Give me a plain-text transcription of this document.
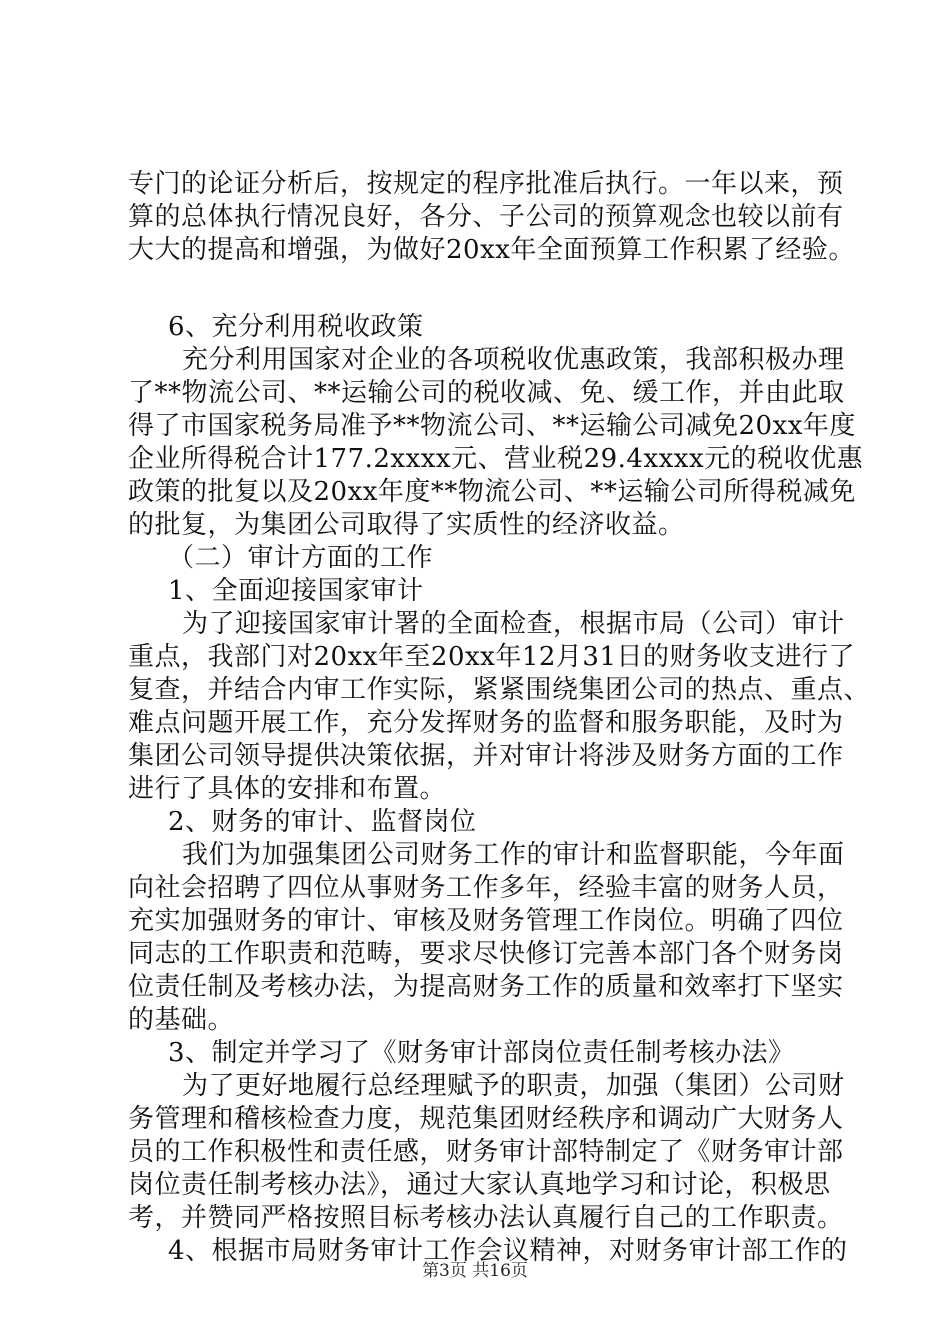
专门的论证分析后，按规定的程序批准后执行。一年以来，预
算的总体执行情况良好，各分、子公司的预算观念也较以前有
大大的提高和增强，为做好20xx年全面预算工作积累了经验。
6、充分利用税收政策
充分利用国家对企业的各项税收优惠政策，我部积极办理
了**物流公司、**运输公司的税收减、免、缓工作，并由此取
得了市国家税务局准予**物流公司、**运输公司减免20xx年度
企业所得税合计177.2xxxx元、营业税29.4xxxx元的税收优惠
政策的批复以及20xx年度**物流公司、**运输公司所得税减免
的批复，为集团公司取得了实质性的经济收益。
（二）审计方面的工作
1、全面迎接国家审计
为了迎接国家审计署的全面检查，根据市局（公司）审计
重点，我部门对20xx年至20xx年12月31日的财务收支进行了
复查，并结合内审工作实际，紧紧围绕集团公司的热点、重点、
难点问题开展工作，充分发挥财务的监督和服务职能，及时为
集团公司领导提供决策依据，并对审计将涉及财务方面的工作
进行了具体的安排和布置。
2、财务的审计、监督岗位
我们为加强集团公司财务工作的审计和监督职能，今年面
向社会招聘了四位从事财务工作多年，经验丰富的财务人员，
充实加强财务的审计、审核及财务管理工作岗位。明确了四位
同志的工作职责和范畴，要求尽快修订完善本部门各个财务岗
位责任制及考核办法，为提高财务工作的质量和效率打下坚实
的基础。
3、制定并学习了《财务审计部岗位责任制考核办法》
为了更好地履行总经理赋予的职责，加强（集团）公司财
务管理和稽核检查力度，规范集团财经秩序和调动广大财务人
员的工作积极性和责任感，财务审计部特制定了《财务审计部
岗位责任制考核办法》，通过大家认真地学习和讨论，积极思
考，并赞同严格按照目标考核办法认真履行自己的工作职责。
4、根据市局财务审计工作会议精神，对财务审计部工作的
第3页 共16页
